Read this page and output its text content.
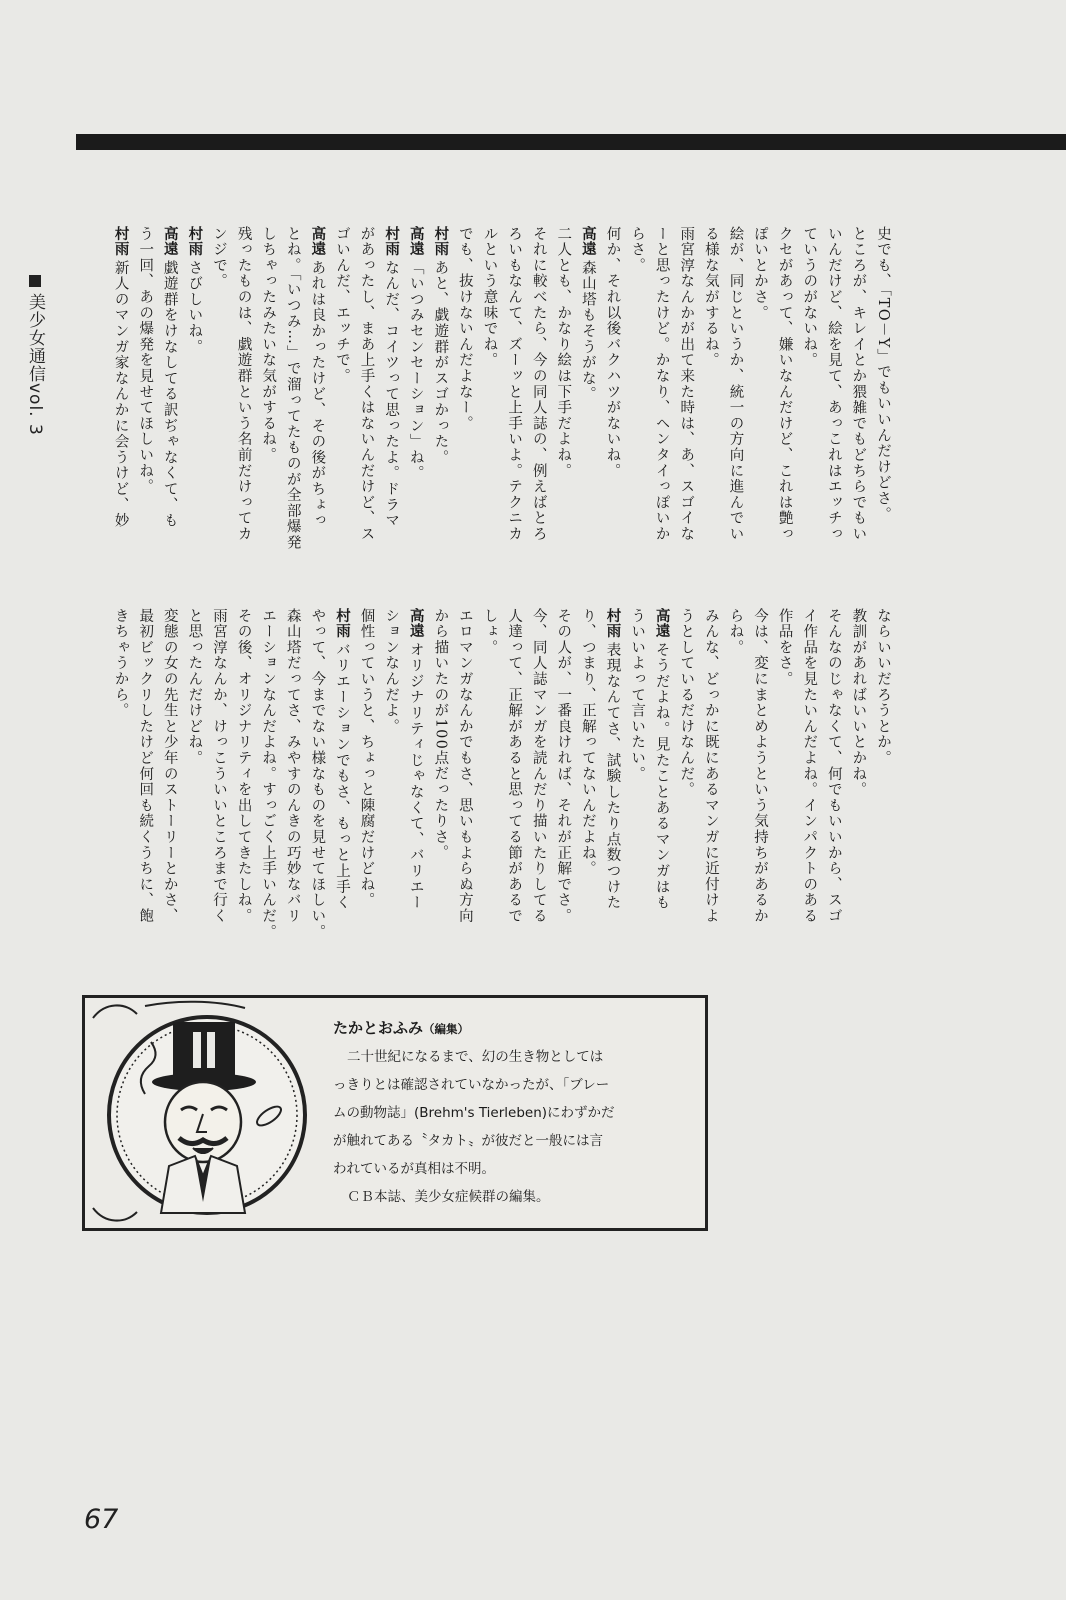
史でも、「TO－Y」でもいいんだけどさ。
ところが、キレイとか猥雑でもどちらでもい
いんだけど、絵を見て、あっこれはエッチっ
ていうのがないね。
クセがあって、嫌いなんだけど、これは艶っ
ぽいとかさ。
絵が、同じというか、統一の方向に進んでい
る様な気がするね。
雨宮淳なんかが出て来た時は、あ、スゴイな
ーと思ったけど。かなり、ヘンタイっぽいか
らさ。
何か、それ以後バクハツがないね。
高遠森山塔もそうがな。
二人とも、かなり絵は下手だよね。
それに較べたら、今の同人誌の、例えばとろ
ろいもなんて、ズーッと上手いよ。テクニカ
ルという意味でね。
でも、抜けないんだよなー。
村雨あと、戯遊群がスゴかった。
高遠「いつみセンセーション」ね。
村雨なんだ、コイツって思ったよ。ドラマ
があったし、まあ上手くはないんだけど、ス
ゴいんだ、エッチで。
高遠あれは良かったけど、その後がちょっ
とね。「いつみ…」で溜ってたものが全部爆発
しちゃったみたいな気がするね。
残ったものは、戯遊群という名前だけってカ
ンジで。
村雨さびしいね。
高遠戯遊群をけなしてる訳ぢゃなくて、も
う一回、あの爆発を見せてほしいね。
村雨新人のマンガ家なんかに会うけど、妙
ならいいだろうとか。
教訓があればいいとかね。
そんなのじゃなくて、何でもいいから、スゴ
イ作品を見たいんだよね。インパクトのある
作品をさ。
今は、変にまとめようという気持ちがあるか
らね。
みんな、どっかに既にあるマンガに近付けよ
うとしているだけなんだ。
高遠そうだよね。見たことあるマンガはも
ういいよって言いたい。
村雨表現なんてさ、試験したり点数つけた
り、つまり、正解ってないんだよね。
その人が、一番良ければ、それが正解でさ。
今、同人誌マンガを読んだり描いたりしてる
人達って、正解があると思ってる節があるで
しょ。
エロマンガなんかでもさ、思いもよらぬ方向
から描いたのが100点だったりさ。
高遠オリジナリティじゃなくて、バリエー
ションなんだよ。
個性っていうと、ちょっと陳腐だけどね。
村雨バリエーションでもさ、もっと上手く
やって、今までない様なものを見せてほしい。
森山塔だってさ、みやすのんきの巧妙なバリ
エーションなんだよね。すっごく上手いんだ。
その後、オリジナリティを出してきたしね。
雨宮淳なんか、けっこういいところまで行く
と思ったんだけどね。
変態の女の先生と少年のストーリーとかさ、
最初ビックリしたけど何回も続くうちに、飽
きちゃうから。
美少女通信vol. 3
たかとおふみ（編集）

二十世紀になるまで、幻の生き物としては

っきりとは確認されていなかったが、「ブレー

ムの動物誌」(Brehm's Tierleben)にわずかだ

が触れてある〝タカト〟が彼だと一般には言

われているが真相は不明。

ＣＢ本誌、美少女症候群の編集。

67
